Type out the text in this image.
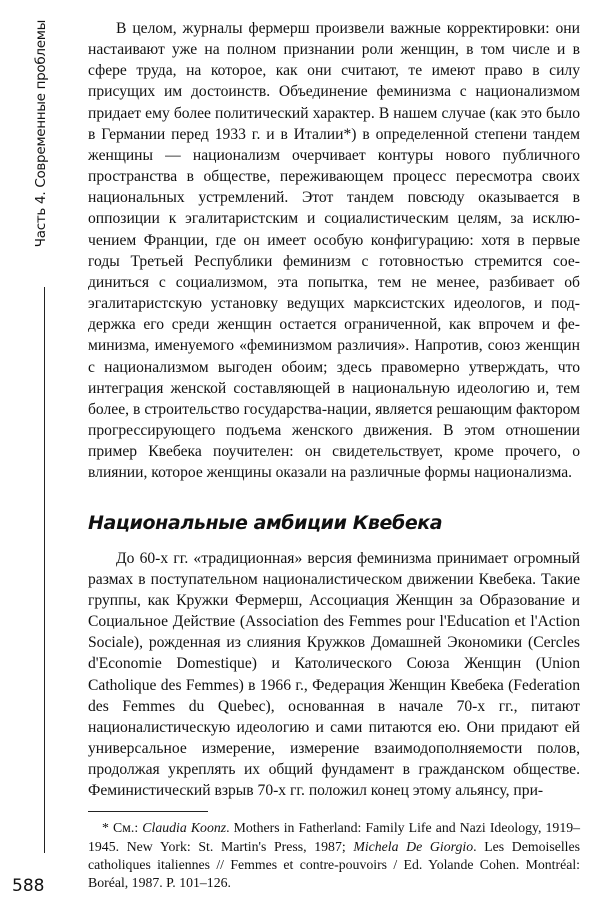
Часть 4. Современные проблемы	В целом, журналы фермерш произвели важные корректировки: они настаивают уже на полном признании роли женщин, в том числе и в сфере труда, на которое, как они считают, те имеют право в силу присущих им достоинств. Объединение феминизма с национализмом придает ему более политический характер. В нашем случае (как это было в Германии перед 1933 г. и в Италии*) в определенной степени тандем женщины — национализм очерчивает контуры нового публичного пространства в обществе, переживающем процесс пересмотра своих национальных устремлений. Этот тандем повсюду оказывается в оппозиции к эгалитаристским и социалистическим целям, за исключением Франции, где он имеет особую конфигурацию: хотя в первые годы Третьей Республики феминизм с готовностью стремится соединиться с социализмом, эта попытка, тем не менее, разбивает об эгалитаристскую установку ведущих марксистских идеологов, и поддержка его среди женщин остается ограниченной, как впрочем и феминизма, именуемого «феминизмом различия». Напротив, союз женщин с национализмом выгоден обоим; здесь правомерно утверждать, что интеграция женской составляющей в национальную идеологию и, тем более, в строительство государства-нации, является решающим фактором прогрессирующего подъема женского движения. В этом отношении пример Квебека поучителен: он свидетельствует, кроме прочего, о влиянии, которое женщины оказали на различные формы национализма.

Национальные амбиции Квебека

До 60-х гг. «традиционная» версия феминизма принимает огромный размах в поступательном националистическом движении Квебека. Такие группы, как Кружки Фермерш, Ассоциация Женщин за Образование и Социальное Действие (Association des Femmes pour l'Education et l'Action Sociale), рожденная из слияния Кружков Домашней Экономики (Cercles d'Economie Domestique) и Католического Союза Женщин (Union Catholique des Femmes) в 1966 г., Федерация Женщин Квебека (Federation des Femmes du Quebec), основанная в начале 70-х гг., питают националистическую идеологию и сами питаются ею. Они придают ей универсальное измерение, измерение взаимодополняемости полов, продолжая укреплять их общий фундамент в гражданском обществе. Феминистический взрыв 70-х гг. положил конец этому альянсу, при-

* См.: Claudia Koonz. Mothers in Fatherland: Family Life and Nazi Ideology, 1919–1945. New York: St. Martin's Press, 1987; Michela De Giorgio. Les Demoiselles catholiques italiennes // Femmes et contre-pouvoirs / Ed. Yolande Cohen. Montréal: Boréal, 1987. P. 101–126.

588
